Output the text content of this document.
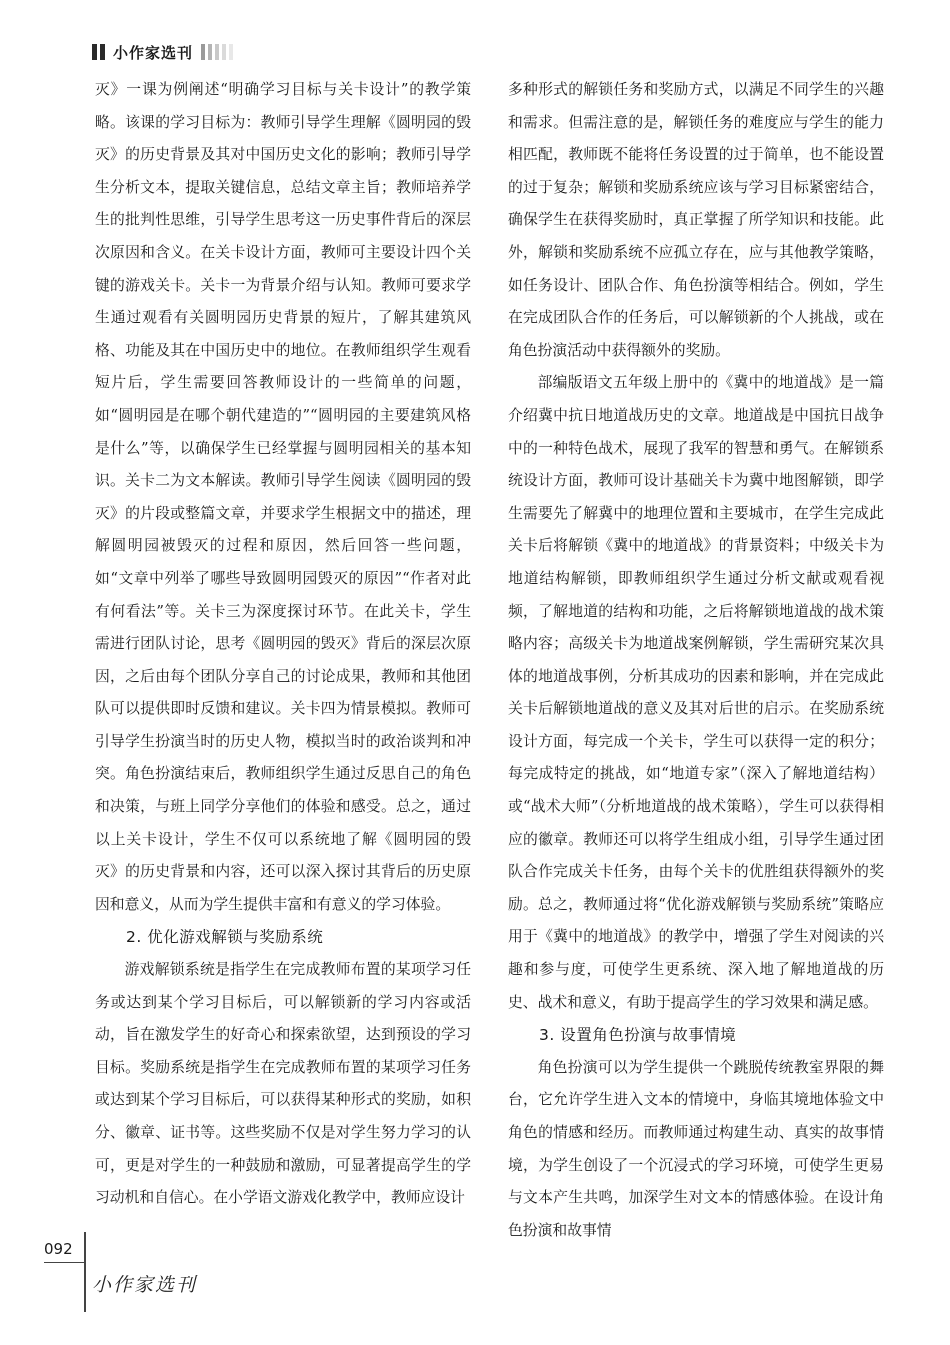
小作家选刊

灭》一课为例阐述“明确学习目标与关卡设计”的教学策略。该课的学习目标为：教师引导学生理解《圆明园的毁灭》的历史背景及其对中国历史文化的影响；教师引导学生分析文本，提取关键信息，总结文章主旨；教师培养学生的批判性思维，引导学生思考这一历史事件背后的深层次原因和含义。在关卡设计方面，教师可主要设计四个关键的游戏关卡。关卡一为背景介绍与认知。教师可要求学生通过观看有关圆明园历史背景的短片，了解其建筑风格、功能及其在中国历史中的地位。在教师组织学生观看短片后，学生需要回答教师设计的一些简单的问题，如“圆明园是在哪个朝代建造的”“圆明园的主要建筑风格是什么”等，以确保学生已经掌握与圆明园相关的基本知识。关卡二为文本解读。教师引导学生阅读《圆明园的毁灭》的片段或整篇文章，并要求学生根据文中的描述，理解圆明园被毁灭的过程和原因，然后回答一些问题，如“文章中列举了哪些导致圆明园毁灭的原因”“作者对此有何看法”等。关卡三为深度探讨环节。在此关卡，学生需进行团队讨论，思考《圆明园的毁灭》背后的深层次原因，之后由每个团队分享自己的讨论成果，教师和其他团队可以提供即时反馈和建议。关卡四为情景模拟。教师可引导学生扮演当时的历史人物，模拟当时的政治谈判和冲突。角色扮演结束后，教师组织学生通过反思自己的角色和决策，与班上同学分享他们的体验和感受。总之，通过以上关卡设计，学生不仅可以系统地了解《圆明园的毁灭》的历史背景和内容，还可以深入探讨其背后的历史原因和意义，从而为学生提供丰富和有意义的学习体验。

2. 优化游戏解锁与奖励系统

游戏解锁系统是指学生在完成教师布置的某项学习任务或达到某个学习目标后，可以解锁新的学习内容或活动，旨在激发学生的好奇心和探索欲望，达到预设的学习目标。奖励系统是指学生在完成教师布置的某项学习任务或达到某个学习目标后，可以获得某种形式的奖励，如积分、徽章、证书等。这些奖励不仅是对学生努力学习的认可，更是对学生的一种鼓励和激励，可显著提高学生的学习动机和自信心。在小学语文游戏化教学中，教师应设计

多种形式的解锁任务和奖励方式，以满足不同学生的兴趣和需求。但需注意的是，解锁任务的难度应与学生的能力相匹配，教师既不能将任务设置的过于简单，也不能设置的过于复杂；解锁和奖励系统应该与学习目标紧密结合，确保学生在获得奖励时，真正掌握了所学知识和技能。此外，解锁和奖励系统不应孤立存在，应与其他教学策略，如任务设计、团队合作、角色扮演等相结合。例如，学生在完成团队合作的任务后，可以解锁新的个人挑战，或在角色扮演活动中获得额外的奖励。

部编版语文五年级上册中的《冀中的地道战》是一篇介绍冀中抗日地道战历史的文章。地道战是中国抗日战争中的一种特色战术，展现了我军的智慧和勇气。在解锁系统设计方面，教师可设计基础关卡为冀中地图解锁，即学生需要先了解冀中的地理位置和主要城市，在学生完成此关卡后将解锁《冀中的地道战》的背景资料；中级关卡为地道结构解锁，即教师组织学生通过分析文献或观看视频，了解地道的结构和功能，之后将解锁地道战的战术策略内容；高级关卡为地道战案例解锁，学生需研究某次具体的地道战事例，分析其成功的因素和影响，并在完成此关卡后解锁地道战的意义及其对后世的启示。在奖励系统设计方面，每完成一个关卡，学生可以获得一定的积分；每完成特定的挑战，如“地道专家”（深入了解地道结构）或“战术大师”（分析地道战的战术策略），学生可以获得相应的徽章。教师还可以将学生组成小组，引导学生通过团队合作完成关卡任务，由每个关卡的优胜组获得额外的奖励。总之，教师通过将“优化游戏解锁与奖励系统”策略应用于《冀中的地道战》的教学中，增强了学生对阅读的兴趣和参与度，可使学生更系统、深入地了解地道战的历史、战术和意义，有助于提高学生的学习效果和满足感。

3. 设置角色扮演与故事情境

角色扮演可以为学生提供一个跳脱传统教室界限的舞台，它允许学生进入文本的情境中，身临其境地体验文中角色的情感和经历。而教师通过构建生动、真实的故事情境，为学生创设了一个沉浸式的学习环境，可使学生更易与文本产生共鸣，加深学生对文本的情感体验。在设计角色扮演和故事情

092
小作家选刊
